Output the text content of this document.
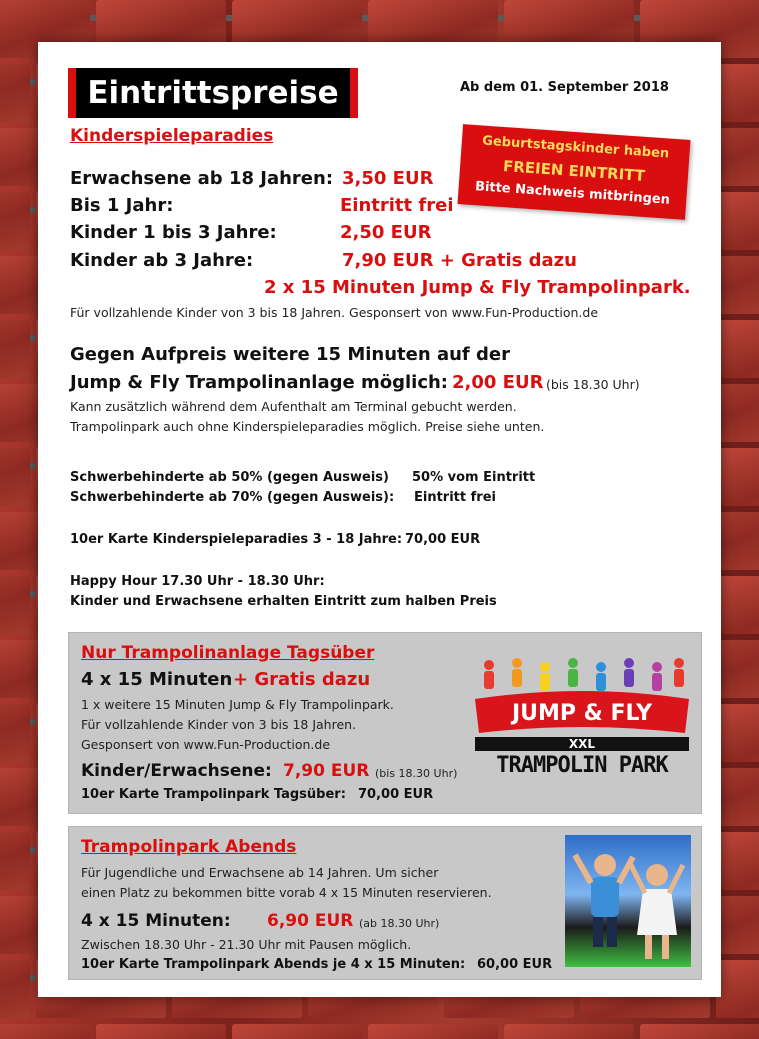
Eintrittspreise	Ab dem 01. September 2018
Kinderspieleparadies	Geburtstagskinder haben
FREIEN EINTRITT
Bitte Nachweis mitbringen
Erwachsene ab 18 Jahren: 3,50 EUR
Bis 1 Jahr:	Eintritt frei
Kinder 1 bis 3 Jahre:	2,50 EUR
Kinder ab 3 Jahre:	7,90 EUR + Gratis dazu
2 x 15 Minuten Jump & Fly Trampolinpark.
Für vollzahlende Kinder von 3 bis 18 Jahren. Gesponsert von www.Fun-Production.de
Gegen Aufpreis weitere 15 Minuten auf der
Jump & Fly Trampolinanlage möglich: 2,00 EUR (bis 18.30 Uhr)
Kann zusätzlich während dem Aufenthalt am Terminal gebucht werden.
Trampolinpark auch ohne Kinderspieleparadies möglich. Preise siehe unten.
Schwerbehinderte ab 50% (gegen Ausweis) 50% vom Eintritt
Schwerbehinderte ab 70% (gegen Ausweis): Eintritt frei
10er Karte Kinderspieleparadies 3 - 18 Jahre: 70,00 EUR
Happy Hour 17.30 Uhr - 18.30 Uhr:
Kinder und Erwachsene erhalten Eintritt zum halben Preis
Nur Trampolinanlage Tagsüber
4 x 15 Minuten + Gratis dazu
1 x weitere 15 Minuten Jump & Fly Trampolinpark.
Für vollzahlende Kinder von 3 bis 18 Jahren.
Gesponsert von www.Fun-Production.de
Kinder/Erwachsene: 7,90 EUR (bis 18.30 Uhr)
10er Karte Trampolinpark Tagsüber: 70,00 EUR
JUMP & FLY
XXL
TRAMPOLIN PARK
Trampolinpark Abends
Für Jugendliche und Erwachsene ab 14 Jahren. Um sicher
einen Platz zu bekommen bitte vorab 4 x 15 Minuten reservieren.
4 x 15 Minuten: 6,90 EUR (ab 18.30 Uhr)
Zwischen 18.30 Uhr - 21.30 Uhr mit Pausen möglich.
10er Karte Trampolinpark Abends je 4 x 15 Minuten: 60,00 EUR
